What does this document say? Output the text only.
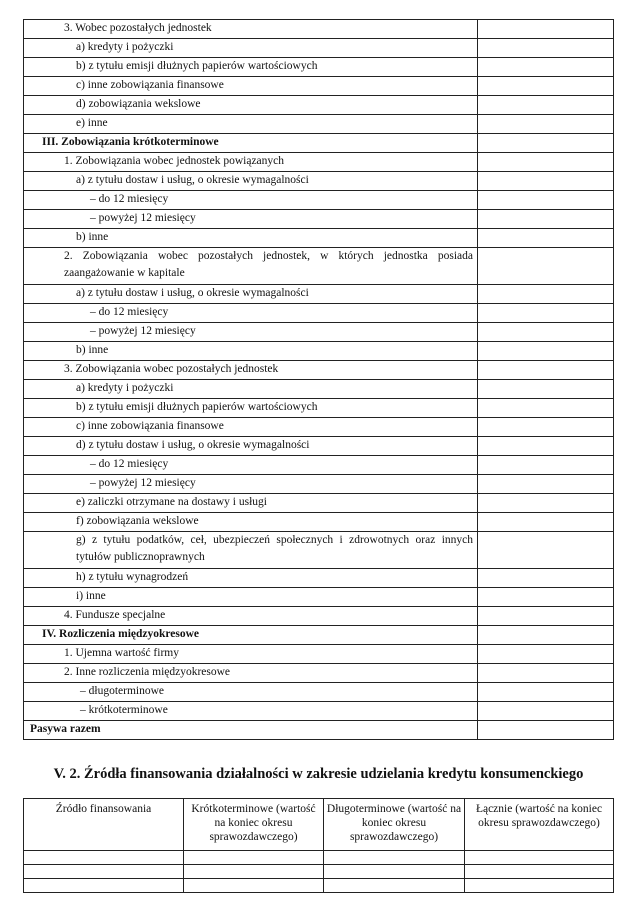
3. Wobec pozostałych jednostek	
a) kredyty i pożyczki	
b) z tytułu emisji dłużnych papierów wartościowych	
c) inne zobowiązania finansowe	
d) zobowiązania wekslowe	
e) inne	
III. Zobowiązania krótkoterminowe	
1. Zobowiązania wobec jednostek powiązanych	
a) z tytułu dostaw i usług, o okresie wymagalności	
– do 12 miesięcy	
– powyżej 12 miesięcy	
b) inne	

2. Zobowiązania wobec pozostałych jednostek, w których jednostka posiada zaangażowanie w kapitale	

a) z tytułu dostaw i usług, o okresie wymagalności	
– do 12 miesięcy	
– powyżej 12 miesięcy	
b) inne	
3. Zobowiązania wobec pozostałych jednostek	
a) kredyty i pożyczki	
b) z tytułu emisji dłużnych papierów wartościowych	
c) inne zobowiązania finansowe	
d) z tytułu dostaw i usług, o okresie wymagalności	
– do 12 miesięcy	
– powyżej 12 miesięcy	
e) zaliczki otrzymane na dostawy i usługi	
f) zobowiązania wekslowe	

g) z tytułu podatków, ceł, ubezpieczeń społecznych i zdrowotnych oraz innych tytułów publicznoprawnych	

h) z tytułu wynagrodzeń	
i) inne	
4. Fundusze specjalne	
IV. Rozliczenia międzyokresowe	
1. Ujemna wartość firmy	
2. Inne rozliczenia międzyokresowe	
– długoterminowe	
– krótkoterminowe	
Pasywa razem	
V. 2. Źródła finansowania działalności w zakresie udzielania kredytu konsumenckiego
Źródło finansowania	Krótkoterminowe (wartość na koniec okresu sprawozdawczego)	Długoterminowe (wartość na koniec okresu sprawozdawczego)	Łącznie (wartość na koniec okresu sprawozdawczego)
